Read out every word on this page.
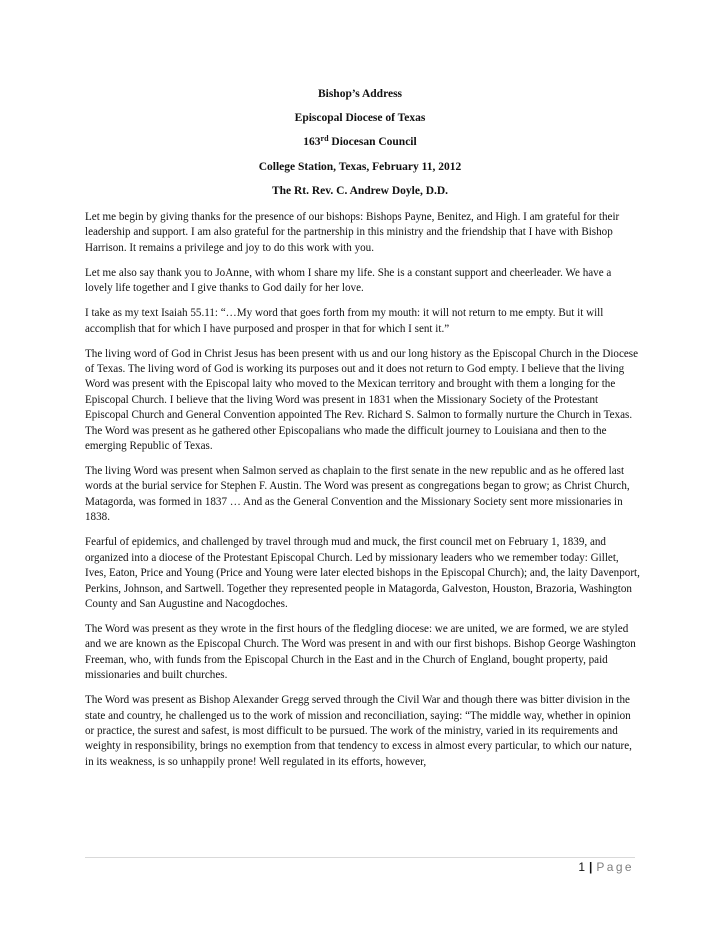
Bishop’s Address
Episcopal Diocese of Texas
163rd Diocesan Council
College Station, Texas, February 11, 2012
The Rt. Rev. C. Andrew Doyle, D.D.

Let me begin by giving thanks for the presence of our bishops: Bishops Payne, Benitez, and High. I am grateful for their leadership and support. I am also grateful for the partnership in this ministry and the friendship that I have with Bishop Harrison. It remains a privilege and joy to do this work with you.

Let me also say thank you to JoAnne, with whom I share my life. She is a constant support and cheerleader. We have a lovely life together and I give thanks to God daily for her love.

I take as my text Isaiah 55.11: “…My word that goes forth from my mouth: it will not return to me empty. But it will accomplish that for which I have purposed and prosper in that for which I sent it.”

The living word of God in Christ Jesus has been present with us and our long history as the Episcopal Church in the Diocese of Texas. The living word of God is working its purposes out and it does not return to God empty. I believe that the living Word was present with the Episcopal laity who moved to the Mexican territory and brought with them a longing for the Episcopal Church. I believe that the living Word was present in 1831 when the Missionary Society of the Protestant Episcopal Church and General Convention appointed The Rev. Richard S. Salmon to formally nurture the Church in Texas. The Word was present as he gathered other Episcopalians who made the difficult journey to Louisiana and then to the emerging Republic of Texas.

The living Word was present when Salmon served as chaplain to the first senate in the new republic and as he offered last words at the burial service for Stephen F. Austin. The Word was present as congregations began to grow; as Christ Church, Matagorda, was formed in 1837 … And as the General Convention and the Missionary Society sent more missionaries in 1838.

Fearful of epidemics, and challenged by travel through mud and muck, the first council met on February 1, 1839, and organized into a diocese of the Protestant Episcopal Church. Led by missionary leaders who we remember today: Gillet, Ives, Eaton, Price and Young (Price and Young were later elected bishops in the Episcopal Church); and, the laity Davenport, Perkins, Johnson, and Sartwell. Together they represented people in Matagorda, Galveston, Houston, Brazoria, Washington County and San Augustine and Nacogdoches.

The Word was present as they wrote in the first hours of the fledgling diocese: we are united, we are formed, we are styled and we are known as the Episcopal Church. The Word was present in and with our first bishops. Bishop George Washington Freeman, who, with funds from the Episcopal Church in the East and in the Church of England, bought property, paid missionaries and built churches.

The Word was present as Bishop Alexander Gregg served through the Civil War and though there was bitter division in the state and country, he challenged us to the work of mission and reconciliation, saying: “The middle way, whether in opinion or practice, the surest and safest, is most difficult to be pursued. The work of the ministry, varied in its requirements and weighty in responsibility, brings no exemption from that tendency to excess in almost every particular, to which our nature, in its weakness, is so unhappily prone! Well regulated in its efforts, however,

1 | Page
